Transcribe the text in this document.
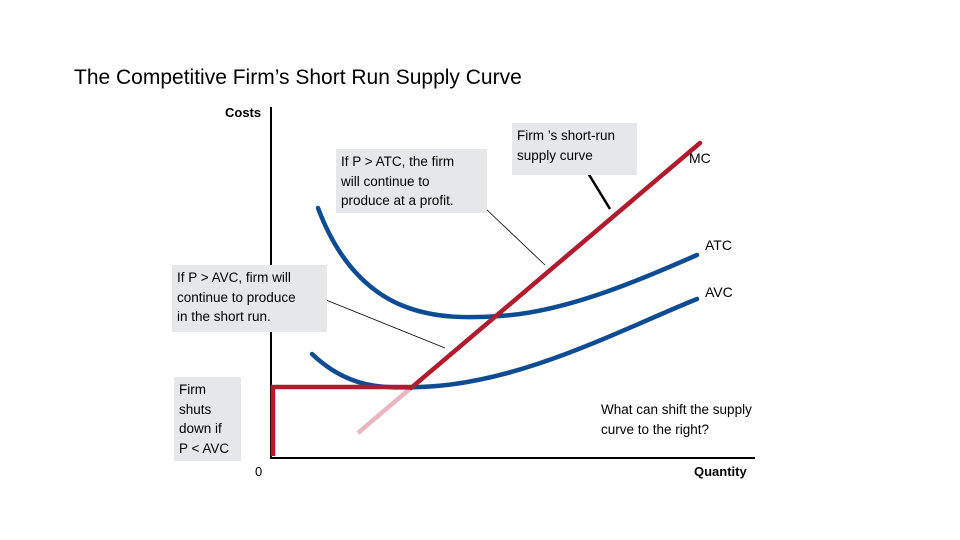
The Competitive Firm’s Short Run Supply Curve
Costs
Quantity
0
MC
ATC
AVC
If P > ATC, the firm
will continue to
produce at a profit.
Firm ’s short-run
supply curve
If P > AVC, firm will
continue to produce
in the short run.
Firm
shuts
down if
P < AVC
What can shift the supply
curve to the right?
